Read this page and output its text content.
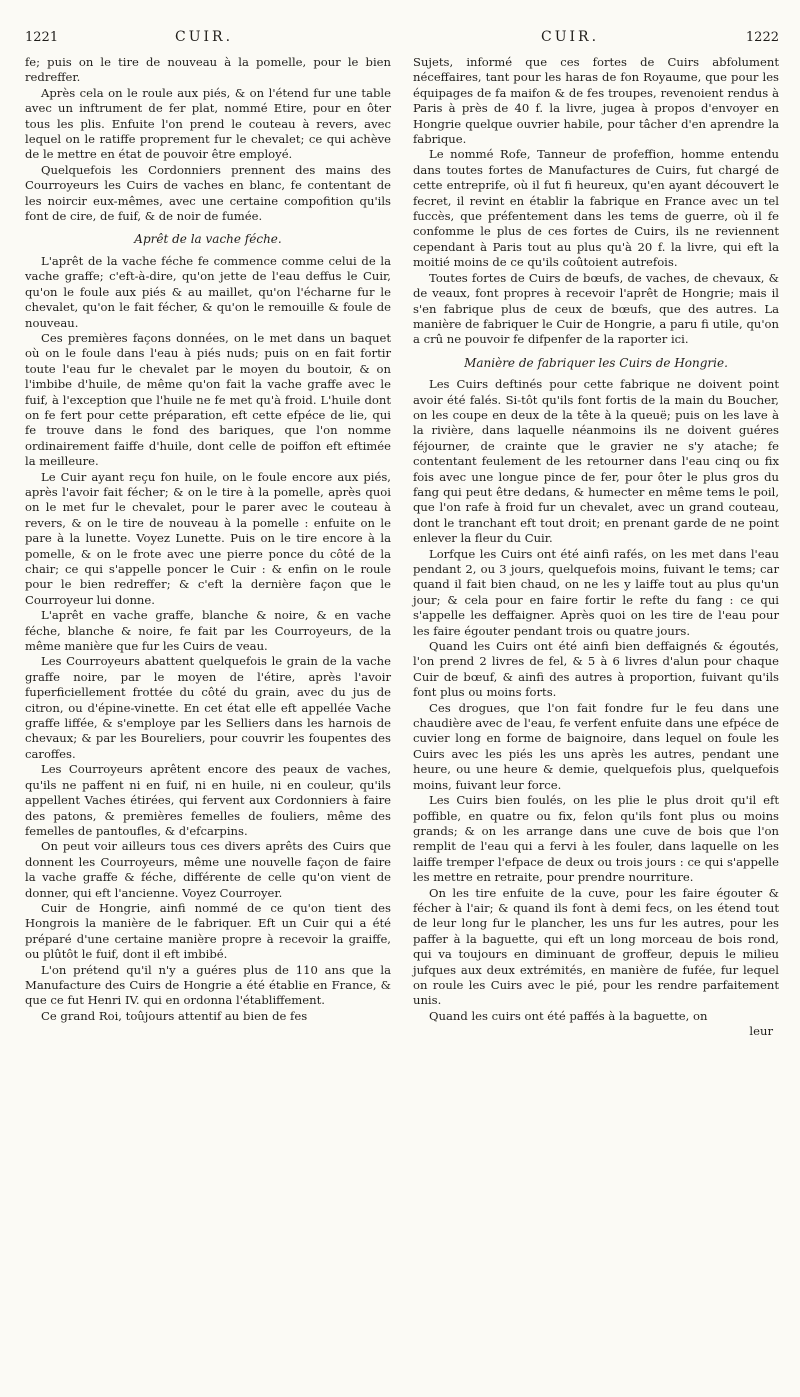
1221	CUIR.

fe; puis on le tire de nouveau à la pomelle, pour le bien redreffer.

Après cela on le roule aux piés, & on l'étend fur une table avec un inftrument de fer plat, nommé Etire, pour en ôter tous les plis. Enfuite l'on prend le couteau à revers, avec lequel on le ratiffe proprement fur le chevalet; ce qui achève de le mettre en état de pouvoir être employé.

Quelquefois les Cordonniers prennent des mains des Courroyeurs les Cuirs de vaches en blanc, fe contentant de les noircir eux-mêmes, avec une certaine compofition qu'ils font de cire, de fuif, & de noir de fumée.

Aprêt de la vache féche.

L'aprêt de la vache féche fe commence comme celui de la vache graffe; c'eft-à-dire, qu'on jette de l'eau deffus le Cuir, qu'on le foule aux piés & au maillet, qu'on l'écharne fur le chevalet, qu'on le fait fécher, & qu'on le remouille & foule de nouveau.

Ces premières façons données, on le met dans un baquet où on le foule dans l'eau à piés nuds; puis on en fait fortir toute l'eau fur le chevalet par le moyen du boutoir, & on l'imbibe d'huile, de même qu'on fait la vache graffe avec le fuif, à l'exception que l'huile ne fe met qu'à froid. L'huile dont on fe fert pour cette préparation, eft cette efpéce de lie, qui fe trouve dans le fond des bariques, que l'on nomme ordinairement faiffe d'huile, dont celle de poiffon eft eftimée la meilleure.

Le Cuir ayant reçu fon huile, on le foule encore aux piés, après l'avoir fait fécher; & on le tire à la pomelle, après quoi on le met fur le chevalet, pour le parer avec le couteau à revers, & on le tire de nouveau à la pomelle : enfuite on le pare à la lunette. Voyez Lunette. Puis on le tire encore à la pomelle, & on le frote avec une pierre ponce du côté de la chair; ce qui s'appelle poncer le Cuir : & enfin on le roule pour le bien redreffer; & c'eft la dernière façon que le Courroyeur lui donne.

L'aprêt en vache graffe, blanche & noire, & en vache féche, blanche & noire, fe fait par les Courroyeurs, de la même manière que fur les Cuirs de veau.

Les Courroyeurs abattent quelquefois le grain de la vache graffe noire, par le moyen de l'étire, après l'avoir fuperficiellement frottée du côté du grain, avec du jus de citron, ou d'épine-vinette. En cet état elle eft appellée Vache graffe liffée, & s'employe par les Selliers dans les harnois de chevaux; & par les Boureliers, pour couvrir les foupentes des caroffes.

Les Courroyeurs aprêtent encore des peaux de vaches, qu'ils ne paffent ni en fuif, ni en huile, ni en couleur, qu'ils appellent Vaches étirées, qui fervent aux Cordonniers à faire des patons, & premières femelles de fouliers, même des femelles de pantoufles, & d'efcarpins.

On peut voir ailleurs tous ces divers aprêts des Cuirs que donnent les Courroyeurs, même une nouvelle façon de faire la vache graffe & féche, différente de celle qu'on vient de donner, qui eft l'ancienne. Voyez Courroyer.

Cuir de Hongrie, ainfi nommé de ce qu'on tient des Hongrois la manière de le fabriquer. Eft un Cuir qui a été préparé d'une certaine manière propre à recevoir la graiffe, ou plûtôt le fuif, dont il eft imbibé.

L'on prétend qu'il n'y a guéres plus de 110 ans que la Manufacture des Cuirs de Hongrie a été établie en France, & que ce fut Henri IV. qui en ordonna l'établiffement.

Ce grand Roi, toûjours attentif au bien de fes

CUIR.	1222

Sujets, informé que ces fortes de Cuirs abfolument néceffaires, tant pour les haras de fon Royaume, que pour les équipages de fa maifon & de fes troupes, revenoient rendus à Paris à près de 40 f. la livre, jugea à propos d'envoyer en Hongrie quelque ouvrier habile, pour tâcher d'en aprendre la fabrique.

Le nommé Rofe, Tanneur de profeffion, homme entendu dans toutes fortes de Manufactures de Cuirs, fut chargé de cette entreprife, où il fut fi heureux, qu'en ayant découvert le fecret, il revint en établir la fabrique en France avec un tel fuccès, que préfentement dans les tems de guerre, où il fe confomme le plus de ces fortes de Cuirs, ils ne reviennent cependant à Paris tout au plus qu'à 20 f. la livre, qui eft la moitié moins de ce qu'ils coûtoient autrefois.

Toutes fortes de Cuirs de bœufs, de vaches, de chevaux, & de veaux, font propres à recevoir l'aprêt de Hongrie; mais il s'en fabrique plus de ceux de bœufs, que des autres. La manière de fabriquer le Cuir de Hongrie, a paru fi utile, qu'on a crû ne pouvoir fe difpenfer de la raporter ici.

Manière de fabriquer les Cuirs de Hongrie.

Les Cuirs deftinés pour cette fabrique ne doivent point avoir été falés. Si-tôt qu'ils font fortis de la main du Boucher, on les coupe en deux de la tête à la queuë; puis on les lave à la rivière, dans laquelle néanmoins ils ne doivent guéres féjourner, de crainte que le gravier ne s'y atache; fe contentant feulement de les retourner dans l'eau cinq ou fix fois avec une longue pince de fer, pour ôter le plus gros du fang qui peut être dedans, & humecter en même tems le poil, que l'on rafe à froid fur un chevalet, avec un grand couteau, dont le tranchant eft tout droit; en prenant garde de ne point enlever la fleur du Cuir.

Lorfque les Cuirs ont été ainfi rafés, on les met dans l'eau pendant 2, ou 3 jours, quelquefois moins, fuivant le tems; car quand il fait bien chaud, on ne les y laiffe tout au plus qu'un jour; & cela pour en faire fortir le refte du fang : ce qui s'appelle les deffaigner. Après quoi on les tire de l'eau pour les faire égouter pendant trois ou quatre jours.

Quand les Cuirs ont été ainfi bien deffaignés & égoutés, l'on prend 2 livres de fel, & 5 à 6 livres d'alun pour chaque Cuir de bœuf, & ainfi des autres à proportion, fuivant qu'ils font plus ou moins forts.

Ces drogues, que l'on fait fondre fur le feu dans une chaudière avec de l'eau, fe verfent enfuite dans une efpéce de cuvier long en forme de baignoire, dans lequel on foule les Cuirs avec les piés les uns après les autres, pendant une heure, ou une heure & demie, quelquefois plus, quelquefois moins, fuivant leur force.

Les Cuirs bien foulés, on les plie le plus droit qu'il eft poffible, en quatre ou fix, felon qu'ils font plus ou moins grands; & on les arrange dans une cuve de bois que l'on remplit de l'eau qui a fervi à les fouler, dans laquelle on les laiffe tremper l'efpace de deux ou trois jours : ce qui s'appelle les mettre en retraite, pour prendre nourriture.

On les tire enfuite de la cuve, pour les faire égouter & fécher à l'air; & quand ils font à demi fecs, on les étend tout de leur long fur le plancher, les uns fur les autres, pour les paffer à la baguette, qui eft un long morceau de bois rond, qui va toujours en diminuant de groffeur, depuis le milieu jufques aux deux extrémités, en manière de fufée, fur lequel on roule les Cuirs avec le pié, pour les rendre parfaitement unis.

Quand les cuirs ont été paffés à la baguette, on

leur
